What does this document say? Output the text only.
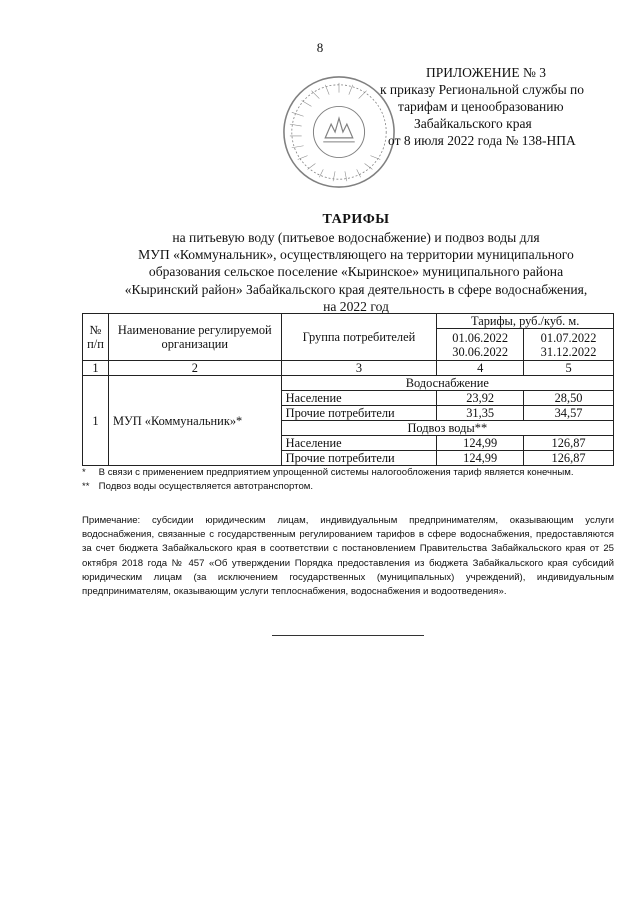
8
ПРИЛОЖЕНИЕ № 3
к приказу Региональной службы по
тарифам и ценообразованию
Забайкальского края
от 8 июля 2022 года № 138-НПА
ТАРИФЫ
на питьевую воду (питьевое водоснабжение) и подвоз воды для
МУП «Коммунальник», осуществляющего на территории муниципального
образования сельское поселение «Кыринское» муниципального района
«Кыринский район» Забайкальского края деятельность в сфере водоснабжения,
на 2022 год
№ п/п	Наименование регулируемой организации	Группа потребителей	Тарифы, руб./куб. м.	
			01.06.2022 30.06.2022	01.07.2022 31.12.2022
1	2	3	4	5
1	МУП «Коммунальник»*	Водоснабжение		
		Население	23,92	28,50
		Прочие потребители	31,35	34,57
		Подвоз воды**		
		Население	124,99	126,87
		Прочие потребители	124,99	126,87
* В связи с применением предприятием упрощенной системы налогообложения тариф является конечным.
** Подвоз воды осуществляется автотранспортом.
Примечание: субсидии юридическим лицам, индивидуальным предпринимателям, оказывающим услуги водоснабжения, связанные с государственным регулированием тарифов в сфере водоснабжения, предоставляются за счет бюджета Забайкальского края в соответствии с постановлением Правительства Забайкальского края от 25 октября 2018 года № 457 «Об утверждении Порядка предоставления из бюджета Забайкальского края субсидий юридическим лицам (за исключением государственных (муниципальных) учреждений), индивидуальным предпринимателям, оказывающим услуги теплоснабжения, водоснабжения и водоотведения».
